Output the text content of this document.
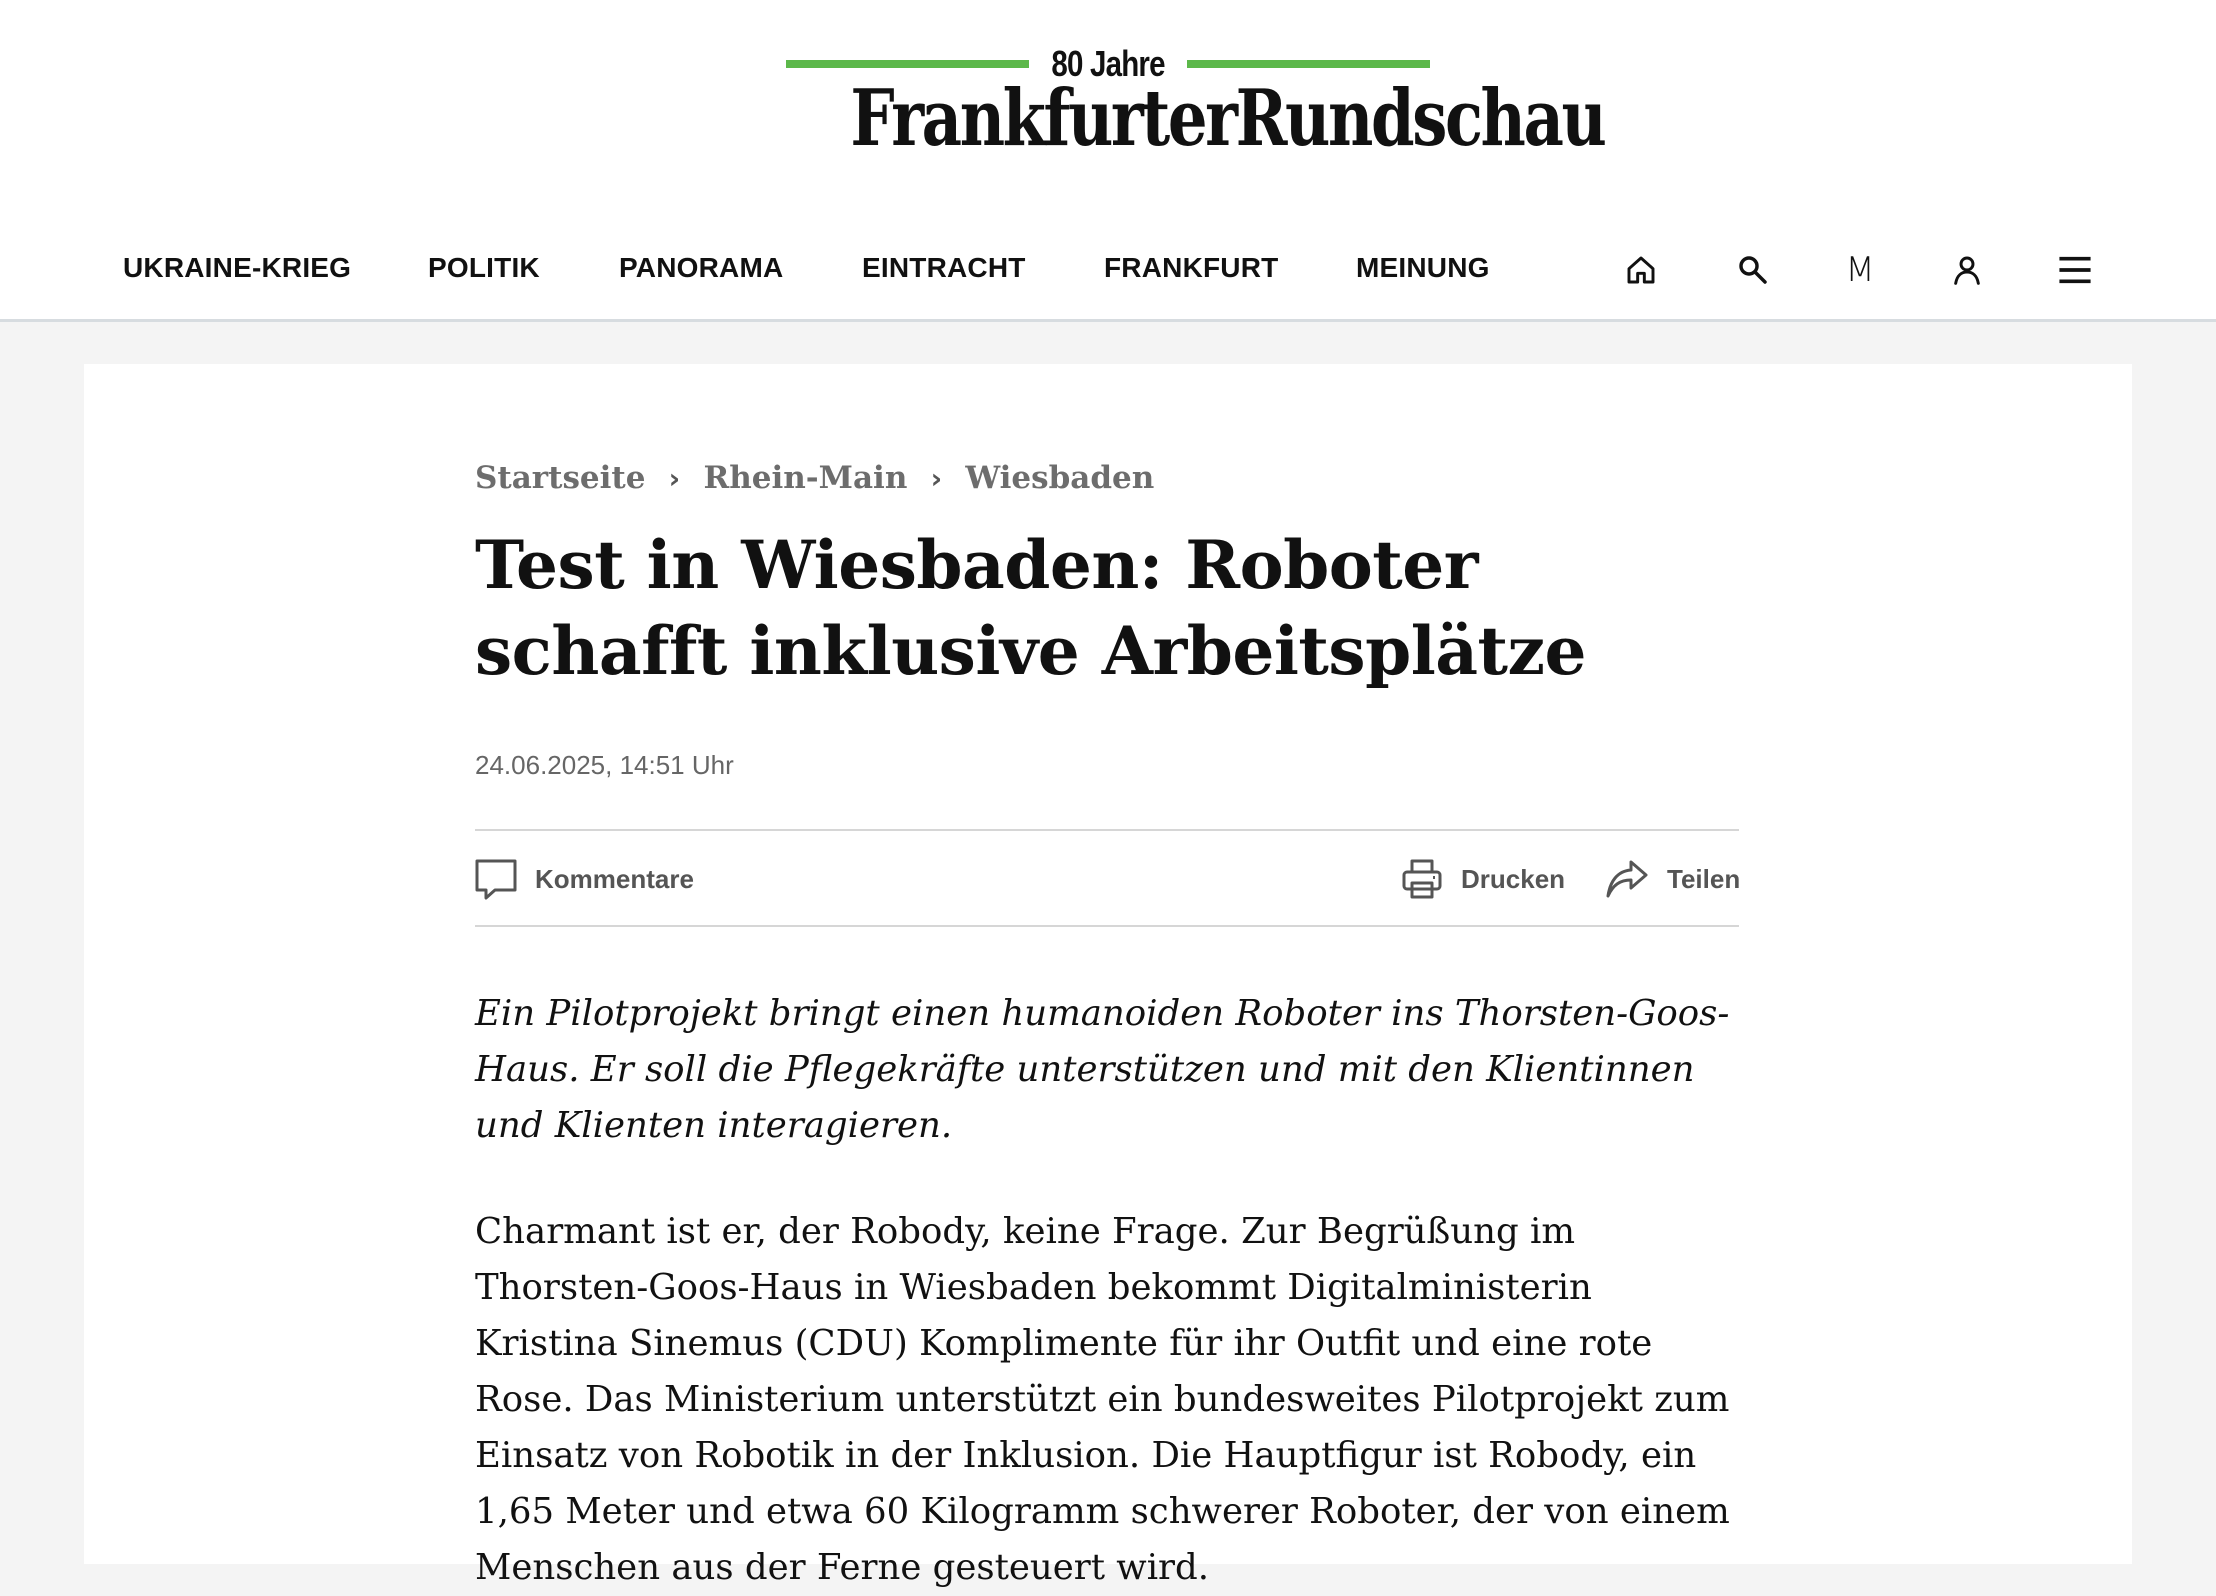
80 Jahre
FrankfurterRundschau
UKRAINE-KRIEG	POLITIK	PANORAMA	EINTRACHT	FRANKFURT	MEINUNG	M
Startseite › Rhein-Main › Wiesbaden
Test in Wiesbaden: Roboter schafft inklusive Arbeitsplätze
24.06.2025, 14:51 Uhr
Kommentare	Drucken	Teilen

Ein Pilotprojekt bringt einen humanoiden Roboter ins Thorsten-Goos-Haus. Er soll die Pflegekräfte unterstützen und mit den Klientinnen und Klienten interagieren.

Charmant ist er, der Robody, keine Frage. Zur Begrüßung im Thorsten-Goos-Haus in Wiesbaden bekommt Digitalministerin Kristina Sinemus (CDU) Komplimente für ihr Outfit und eine rote Rose. Das Ministerium unterstützt ein bundesweites Pilotprojekt zum Einsatz von Robotik in der Inklusion. Die Hauptfigur ist Robody, ein 1,65 Meter und etwa 60 Kilogramm schwerer Roboter, der von einem Menschen aus der Ferne gesteuert wird.
